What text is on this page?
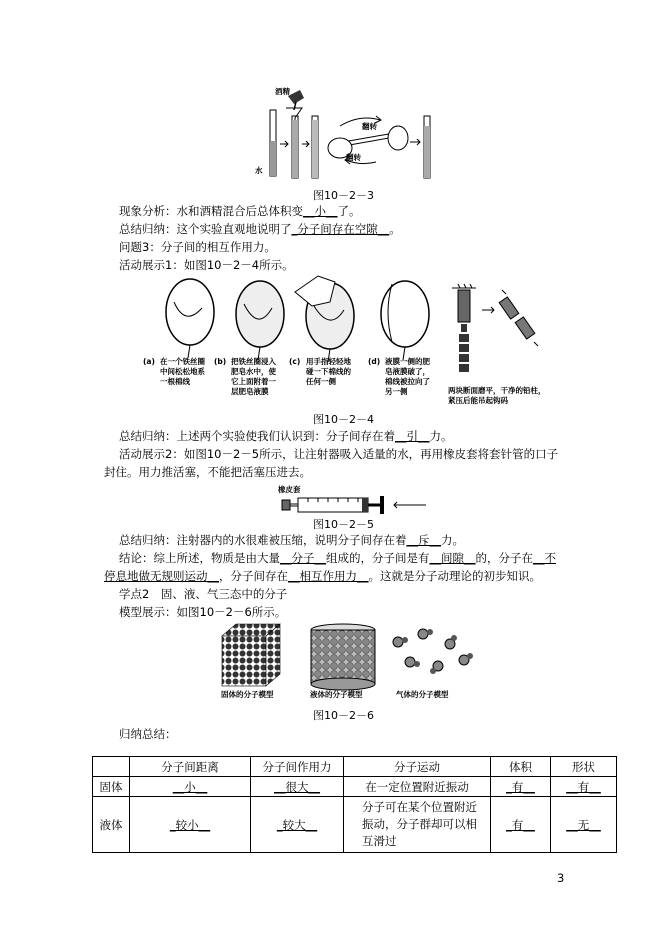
酒精
水
翻转
翻转
图10－2－3
现象分析：水和酒精混合后总体积变__小__了。
总结归纳：这个实验直观地说明了_分子间存在空隙__。
问题3：分子间的相互作用力。
活动展示1：如图10－2－4所示。
(a) 在一个铁丝圈中间松松地系一根棉线
(b) 把铁丝圈浸入肥皂水中，使它上面附着一层肥皂液膜
(c) 用手指轻轻地碰一下棉线的任何一侧
(d) 液膜一侧的肥皂液膜破了，棉线被拉向了另一侧	两块断面磨平，干净的铅柱，紧压后能吊起钩码
图10－2－4
总结归纳：上述两个实验使我们认识到：分子间存在着__引__力。
活动展示2：如图10－2－5所示，让注射器吸入适量的水，再用橡皮套将套针管的口子
封住。用力推活塞，不能把活塞压进去。
橡皮套
图10－2－5
总结归纳：注射器内的水很难被压缩，说明分子间存在着__斥__力。
结论：综上所述，物质是由大量__分子__组成的，分子间是有__间隙__的，分子在__不
停息地做无规则运动__，分子间存在__相互作用力__。这就是分子动理论的初步知识。
学点2　固、液、气三态中的分子
模型展示：如图10－2－6所示。
固体的分子模型	液体的分子模型	气体的分子模型
图10－2－6
归纳总结：
	分子间距离	分子间作用力	分子运动	体积	形状
固体	__小__	__很大__	在一定位置附近振动	_有__	__有__
液体	_较小__	_较大__	分子可在某个位置附近振动，分子群却可以相互滑过	_有__	__无__
3
